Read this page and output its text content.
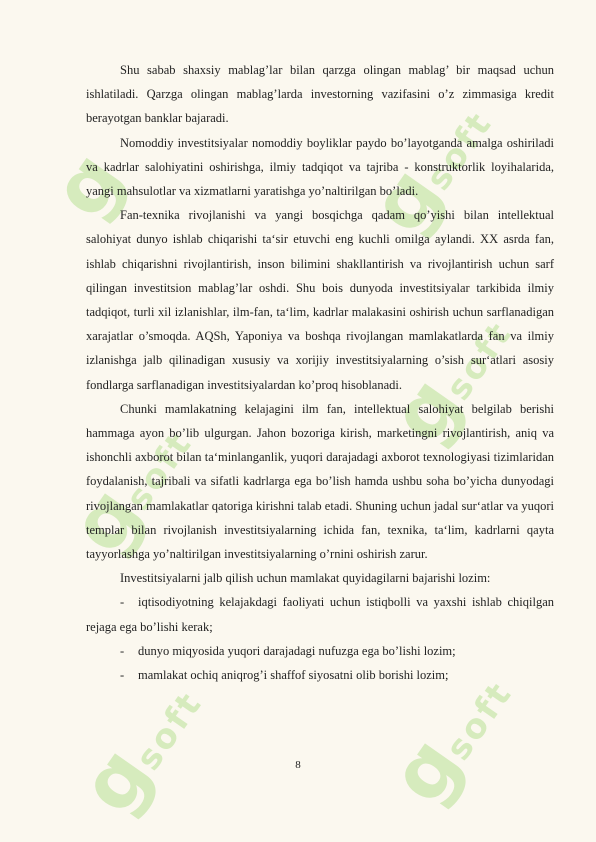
g	gsoft
gsoft
gsoft
gsoft gsoft

Shu sabab shaxsiy mablag’lar bilan qarzga olingan mablag’ bir maqsad uchun ishlatiladi. Qarzga olingan mablag’larda investorning vazifasini o’z zimmasiga kredit berayotgan banklar bajaradi.

Nomoddiy investitsiyalar nomoddiy boyliklar paydo bo’layotganda amalga oshiriladi va kadrlar salohiyatini oshirishga, ilmiy tadqiqot va tajriba - konstruktorlik loyihalarida, yangi mahsulotlar va xizmatlarni yaratishga yo’naltirilgan bo’ladi.

Fan-texnika rivojlanishi va yangi bosqichga qadam qo’yishi bilan intellektual salohiyat dunyo ishlab chiqarishi ta‘sir etuvchi eng kuchli omilga aylandi. XX asrda fan, ishlab chiqarishni rivojlantirish, inson bilimini shakllantirish va rivojlantirish uchun sarf qilingan investitsion mablag’lar oshdi. Shu bois dunyoda investitsiyalar tarkibida ilmiy tadqiqot, turli xil izlanishlar, ilm-fan, ta‘lim, kadrlar malakasini oshirish uchun sarflanadigan xarajatlar o’smoqda. AQSh, Yaponiya va boshqa rivojlangan mamlakatlarda fan va ilmiy izlanishga jalb qilinadigan xususiy va xorijiy investitsiyalarning o’sish sur‘atlari asosiy fondlarga sarflanadigan investitsiyalardan ko’proq hisoblanadi.

Chunki mamlakatning kelajagini ilm fan, intellektual salohiyat belgilab berishi hammaga ayon bo’lib ulgurgan. Jahon bozoriga kirish, marketingni rivojlantirish, aniq va ishonchli axborot bilan ta‘minlanganlik, yuqori darajadagi axborot texnologiyasi tizimlaridan foydalanish, tajribali va sifatli kadrlarga ega bo’lish hamda ushbu soha bo’yicha dunyodagi rivojlangan mamlakatlar qatoriga kirishni talab etadi. Shuning uchun jadal sur‘atlar va yuqori templar bilan rivojlanish investitsiyalarning ichida fan, texnika, ta‘lim, kadrlarni qayta tayyorlashga yo’naltirilgan investitsiyalarning o’rnini oshirish zarur.

Investitsiyalarni jalb qilish uchun mamlakat quyidagilarni bajarishi lozim:

- iqtisodiyotning kelajakdagi faoliyati uchun istiqbolli va yaxshi ishlab chiqilgan rejaga ega bo’lishi kerak;
- dunyo miqyosida yuqori darajadagi nufuzga ega bo’lishi lozim;
- mamlakat ochiq aniqrog’i shaffof siyosatni olib borishi lozim;
8
